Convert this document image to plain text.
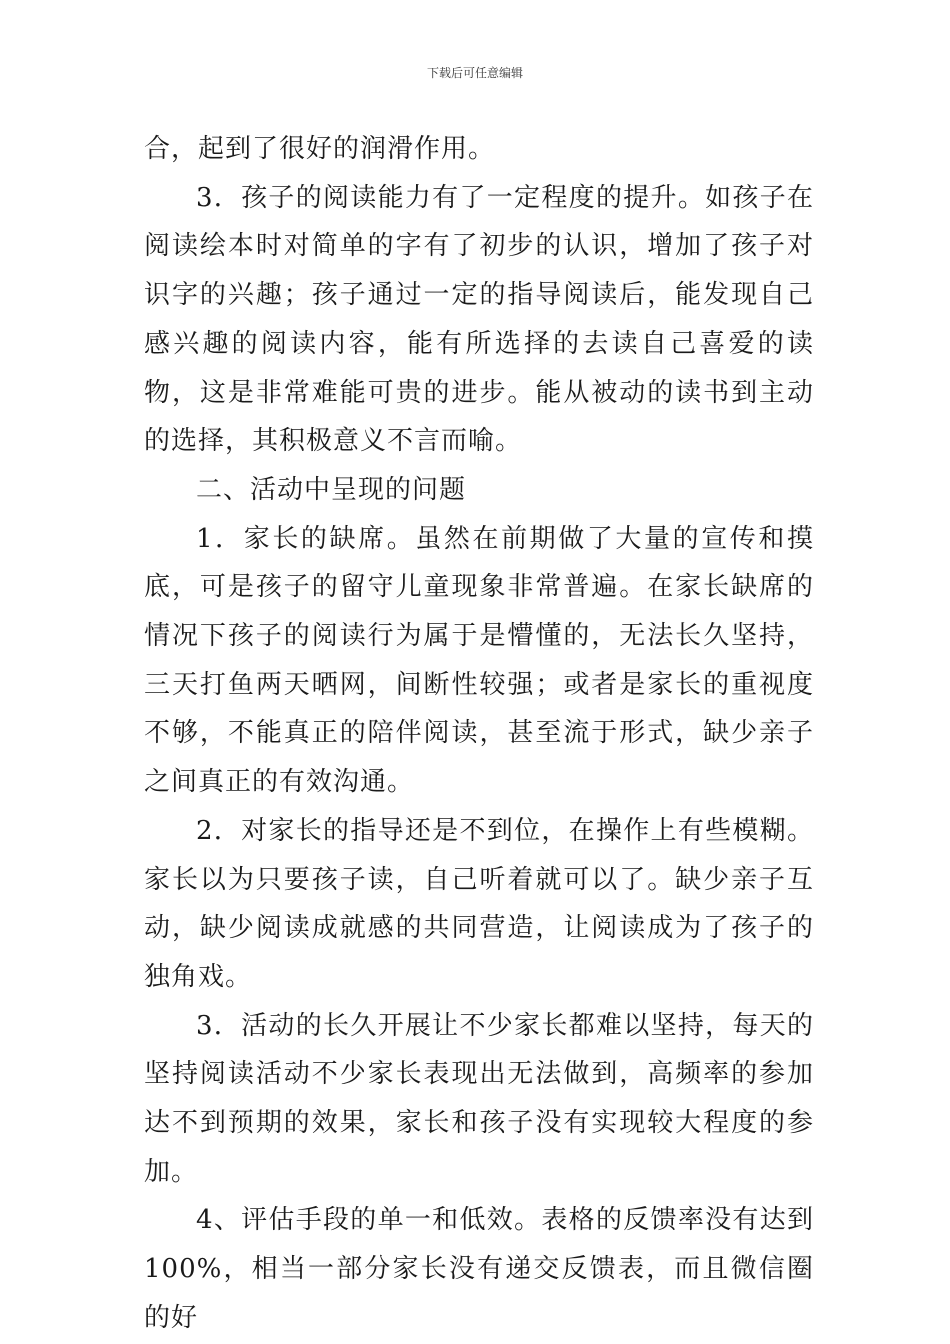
下载后可任意编辑

合，起到了很好的润滑作用。

3．孩子的阅读能力有了一定程度的提升。如孩子在阅读绘本时对简单的字有了初步的认识，增加了孩子对识字的兴趣；孩子通过一定的指导阅读后，能发现自己感兴趣的阅读内容，能有所选择的去读自己喜爱的读物，这是非常难能可贵的进步。能从被动的读书到主动的选择，其积极意义不言而喻。

二、活动中呈现的问题

1．家长的缺席。虽然在前期做了大量的宣传和摸底，可是孩子的留守儿童现象非常普遍。在家长缺席的情况下孩子的阅读行为属于是懵懂的，无法长久坚持，三天打鱼两天晒网，间断性较强；或者是家长的重视度不够，不能真正的陪伴阅读，甚至流于形式，缺少亲子之间真正的有效沟通。

2．对家长的指导还是不到位，在操作上有些模糊。家长以为只要孩子读，自己听着就可以了。缺少亲子互动，缺少阅读成就感的共同营造，让阅读成为了孩子的独角戏。

3．活动的长久开展让不少家长都难以坚持，每天的坚持阅读活动不少家长表现出无法做到，高频率的参加达不到预期的效果，家长和孩子没有实现较大程度的参加。

4、评估手段的单一和低效。表格的反馈率没有达到100%，相当一部分家长没有递交反馈表，而且微信圈的好
